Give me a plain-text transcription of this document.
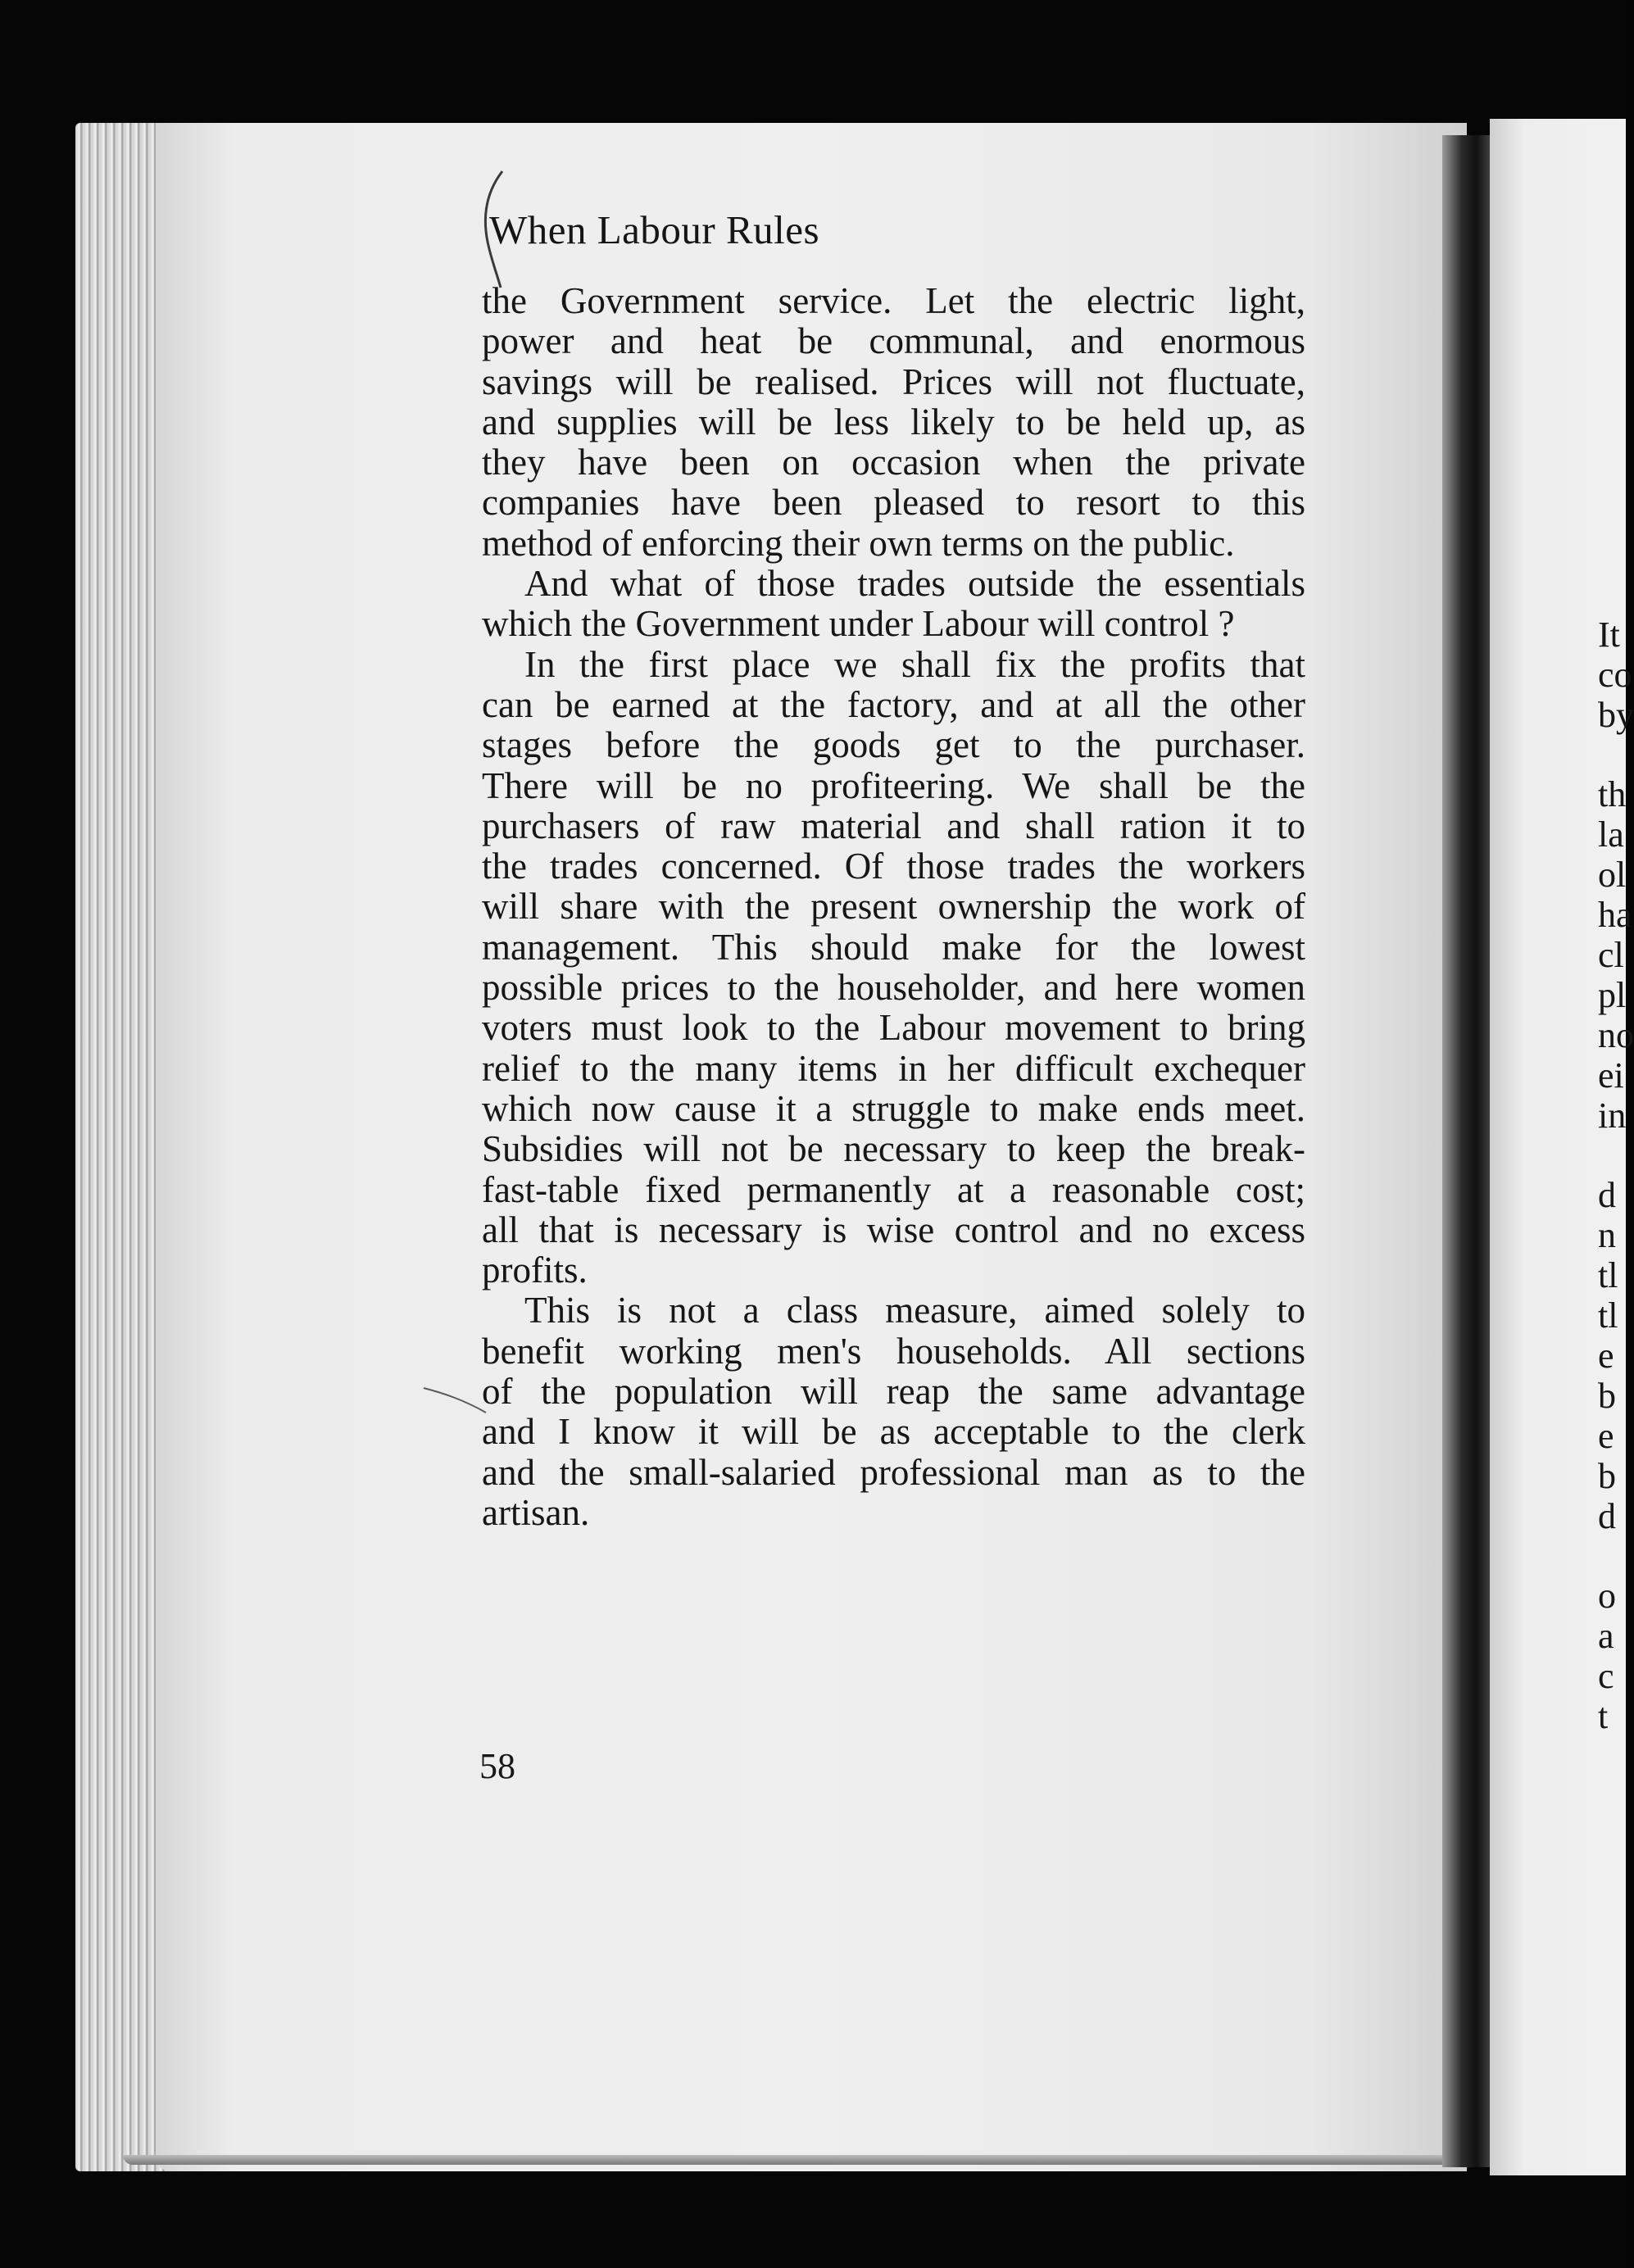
When Labour Rules
the Government service. Let the electric light,
power and heat be communal, and enormous
savings will be realised. Prices will not fluctuate,
and supplies will be less likely to be held up, as
they have been on occasion when the private
companies have been pleased to resort to this
method of enforcing their own terms on the public.
And what of those trades outside the essentials
which the Government under Labour will control ?
In the first place we shall fix the profits that
can be earned at the factory, and at all the other
stages before the goods get to the purchaser.
There will be no profiteering. We shall be the
purchasers of raw material and shall ration it to
the trades concerned. Of those trades the workers
will share with the present ownership the work of
management. This should make for the lowest
possible prices to the householder, and here women
voters must look to the Labour movement to bring
relief to the many items in her difficult exchequer
which now cause it a struggle to make ends meet.
Subsidies will not be necessary to keep the break-
fast-table fixed permanently at a reasonable cost;
all that is necessary is wise control and no excess
profits.
This is not a class measure, aimed solely to
benefit working men's households. All sections
of the population will reap the same advantage
and I know it will be as acceptable to the clerk
and the small-salaried professional man as to the
artisan.
58
It
co
by
th
la
ol
ha
cl
pl
no
ei
in
d
n
tl
tl
e
b
e
b
d
o
a
c
t
